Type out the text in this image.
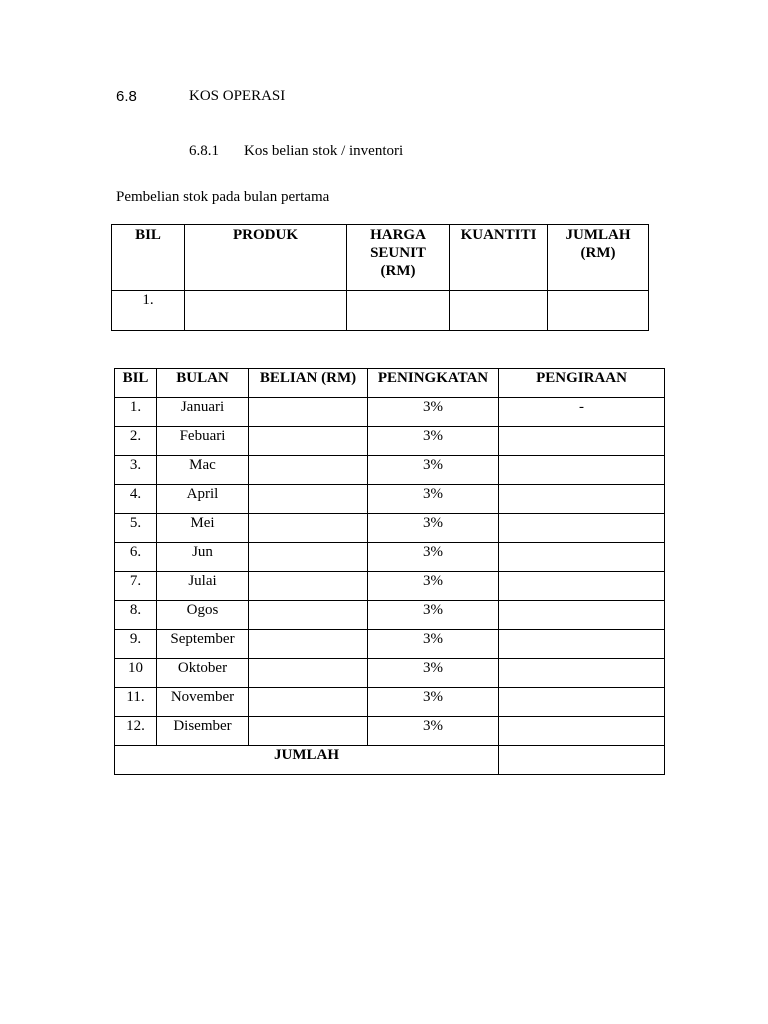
6.8	KOS OPERASI
6.8.1 Kos belian stok / inventori
Pembelian stok pada bulan pertama
BIL	PRODUK	HARGA SEUNIT (RM)	KUANTITI	JUMLAH (RM)
1.				
BIL	BULAN	BELIAN (RM)	PENINGKATAN	PENGIRAAN
1.	Januari		3%	-
2.	Febuari		3%	
3.	Mac		3%	
4.	April		3%	
5.	Mei		3%	
6.	Jun		3%	
7.	Julai		3%	
8.	Ogos		3%	
9.	September		3%	
10	Oktober		3%	
11.	November		3%	
12.	Disember		3%	
JUMLAH				
